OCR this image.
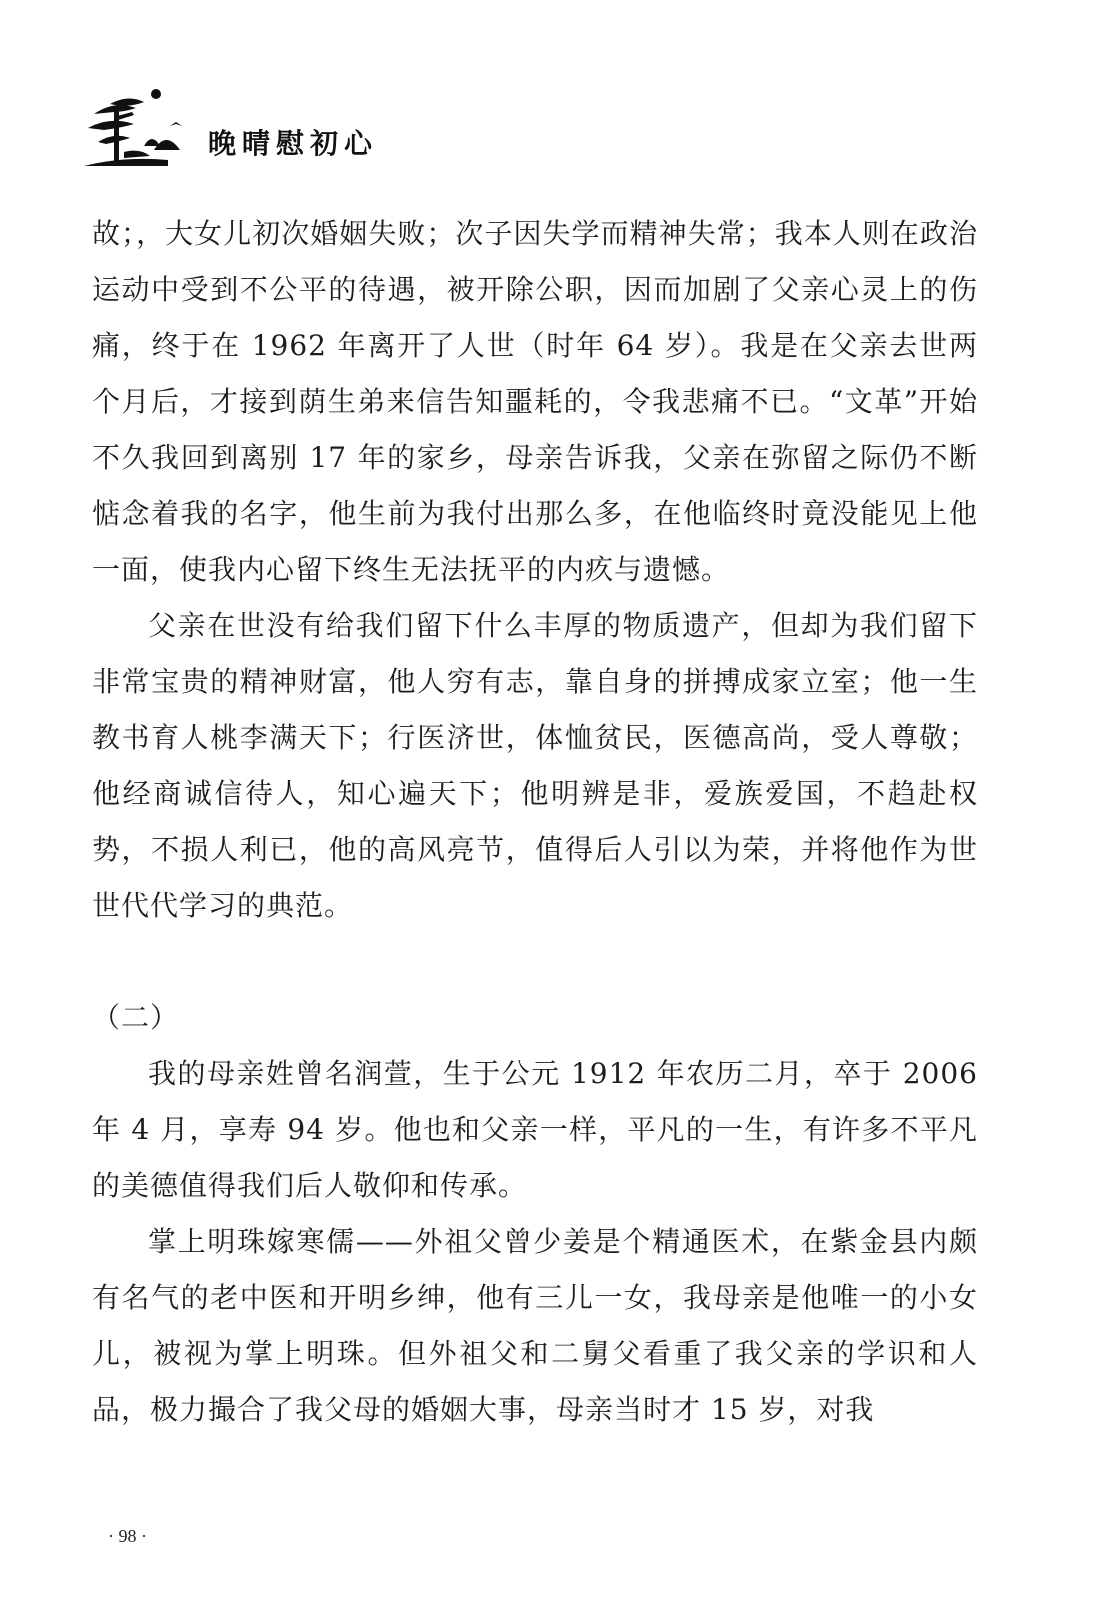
晚晴慰初心

故；，大女儿初次婚姻失败；次子因失学而精神失常；我本人则在政治运动中受到不公平的待遇，被开除公职，因而加剧了父亲心灵上的伤痛，终于在 1962 年离开了人世（时年 64 岁）。我是在父亲去世两个月后，才接到荫生弟来信告知噩耗的，令我悲痛不已。“文革”开始不久我回到离别 17 年的家乡，母亲告诉我，父亲在弥留之际仍不断惦念着我的名字，他生前为我付出那么多，在他临终时竟没能见上他一面，使我内心留下终生无法抚平的内疚与遗憾。

父亲在世没有给我们留下什么丰厚的物质遗产，但却为我们留下非常宝贵的精神财富，他人穷有志，靠自身的拼搏成家立室；他一生教书育人桃李满天下；行医济世，体恤贫民，医德高尚，受人尊敬；他经商诚信待人，知心遍天下；他明辨是非，爱族爱国，不趋赴权势，不损人利已，他的高风亮节，值得后人引以为荣，并将他作为世世代代学习的典范。

（二）

我的母亲姓曾名润萱，生于公元 1912 年农历二月，卒于 2006 年 4 月，享寿 94 岁。他也和父亲一样，平凡的一生，有许多不平凡的美德值得我们后人敬仰和传承。

掌上明珠嫁寒儒——外祖父曾少姜是个精通医术，在紫金县内颇有名气的老中医和开明乡绅，他有三儿一女，我母亲是他唯一的小女儿，被视为掌上明珠。但外祖父和二舅父看重了我父亲的学识和人品，极力撮合了我父母的婚姻大事，母亲当时才 15 岁，对我

· 98 ·
